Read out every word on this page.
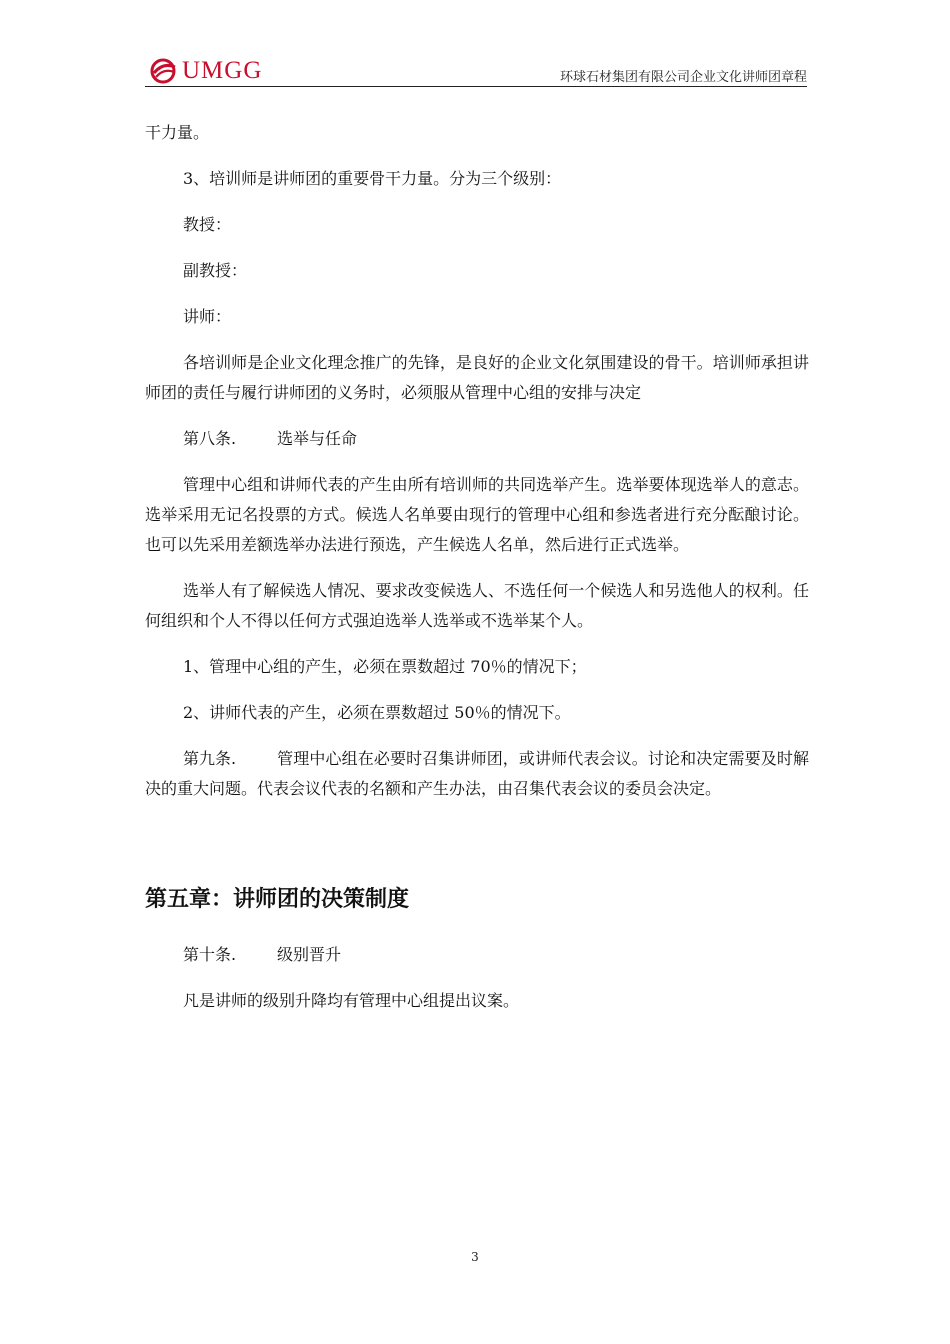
UMGG	环球石材集团有限公司企业文化讲师团章程

干力量。

3、培训师是讲师团的重要骨干力量。分为三个级别：

教授：

副教授：

讲师：

各培训师是企业文化理念推广的先锋，是良好的企业文化氛围建设的骨干。培训师承担讲师团的责任与履行讲师团的义务时，必须服从管理中心组的安排与决定

第八条.	选举与任命

管理中心组和讲师代表的产生由所有培训师的共同选举产生。选举要体现选举人的意志。选举采用无记名投票的方式。候选人名单要由现行的管理中心组和参选者进行充分酝酿讨论。也可以先采用差额选举办法进行预选，产生候选人名单，然后进行正式选举。

选举人有了解候选人情况、要求改变候选人、不选任何一个候选人和另选他人的权利。任何组织和个人不得以任何方式强迫选举人选举或不选举某个人。

1、管理中心组的产生，必须在票数超过 70％的情况下；

2、讲师代表的产生，必须在票数超过 50％的情况下。

第九条.	管理中心组在必要时召集讲师团，或讲师代表会议。讨论和决定需要及时解决的重大问题。代表会议代表的名额和产生办法，由召集代表会议的委员会决定。

第五章：讲师团的决策制度

第十条.	级别晋升

凡是讲师的级别升降均有管理中心组提出议案。

3
